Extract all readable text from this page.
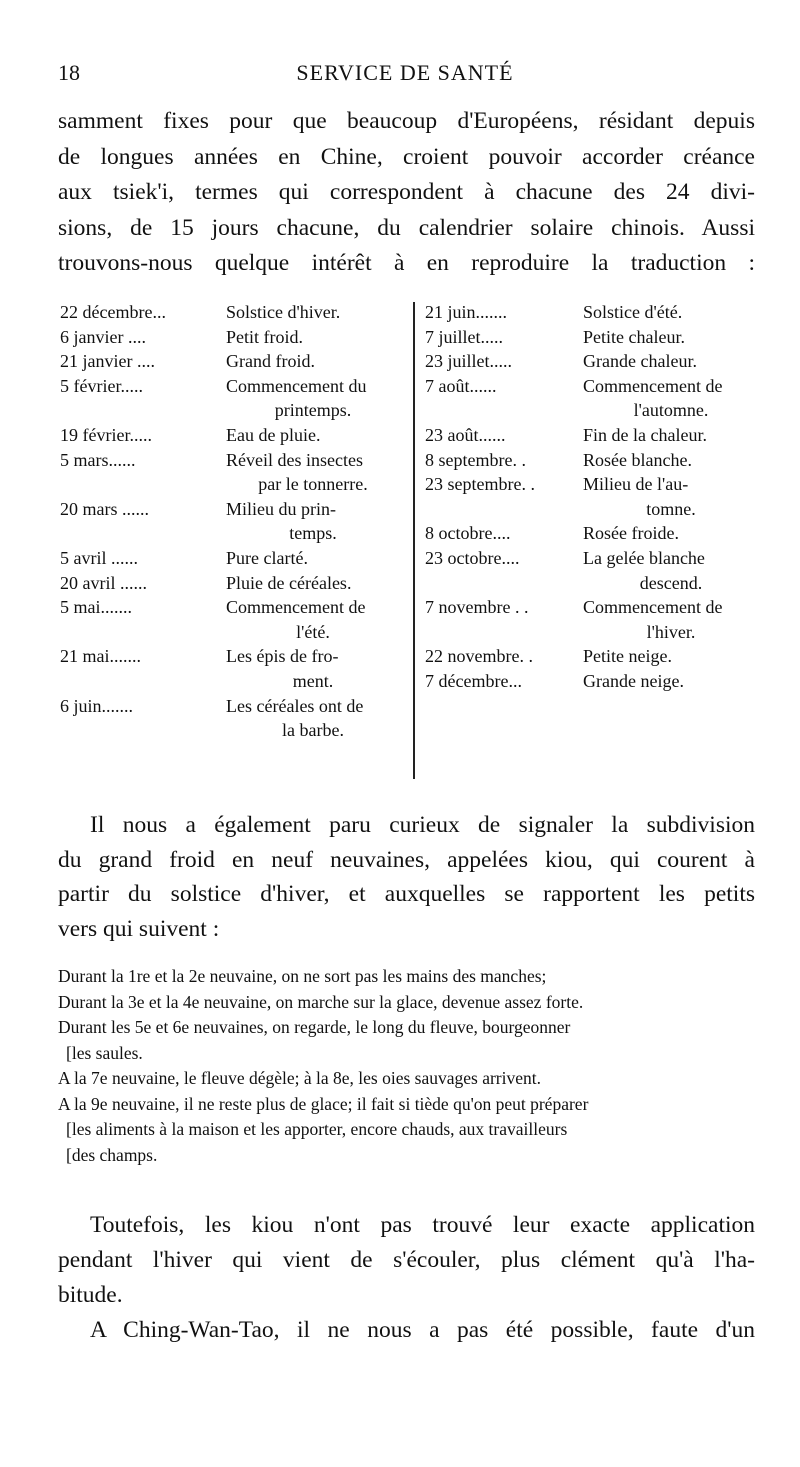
18	SERVICE DE SANTÉ
samment fixes pour que beaucoup d'Européens, résidant depuis
de longues années en Chine, croient pouvoir accorder créance
aux tsiek'i, termes qui correspondent à chacune des 24 divi-
sions, de 15 jours chacune, du calendrier solaire chinois. Aussi
trouvons-nous quelque intérêt à en reproduire la traduction :
22 décembre...	Solstice d'hiver.
6 janvier ....	Petit froid.
21 janvier ....	Grand froid.
5 février.....	Commencement du
printemps.
19 février.....	Eau de pluie.
5 mars......	Réveil des insectes
par le tonnerre.
20 mars ......	Milieu du prin-
temps.
5 avril ......	Pure clarté.
20 avril ......	Pluie de céréales.
5 mai.......	Commencement de
l'été.
21 mai.......	Les épis de fro-
ment.
6 juin.......	Les céréales ont de
la barbe.
21 juin.......	Solstice d'été.
7 juillet.....	Petite chaleur.
23 juillet.....	Grande chaleur.
7 août......	Commencement de
l'automne.
23 août......	Fin de la chaleur.
8 septembre. .	Rosée blanche.
23 septembre. .	Milieu de l'au-
tomne.
8 octobre....	Rosée froide.
23 octobre....	La gelée blanche
descend.
7 novembre . .	Commencement de
l'hiver.
22 novembre. .	Petite neige.
7 décembre...	Grande neige.
Il nous a également paru curieux de signaler la subdivision
du grand froid en neuf neuvaines, appelées kiou, qui courent à
partir du solstice d'hiver, et auxquelles se rapportent les petits
vers qui suivent :
Durant la 1re et la 2e neuvaine, on ne sort pas les mains des manches;
Durant la 3e et la 4e neuvaine, on marche sur la glace, devenue assez forte.
Durant les 5e et 6e neuvaines, on regarde, le long du fleuve, bourgeonner
[les saules.
A la 7e neuvaine, le fleuve dégèle; à la 8e, les oies sauvages arrivent.
A la 9e neuvaine, il ne reste plus de glace; il fait si tiède qu'on peut préparer
[les aliments à la maison et les apporter, encore chauds, aux travailleurs
[des champs.
Toutefois, les kiou n'ont pas trouvé leur exacte application
pendant l'hiver qui vient de s'écouler, plus clément qu'à l'ha-
bitude.
A Ching-Wan-Tao, il ne nous a pas été possible, faute d'un
